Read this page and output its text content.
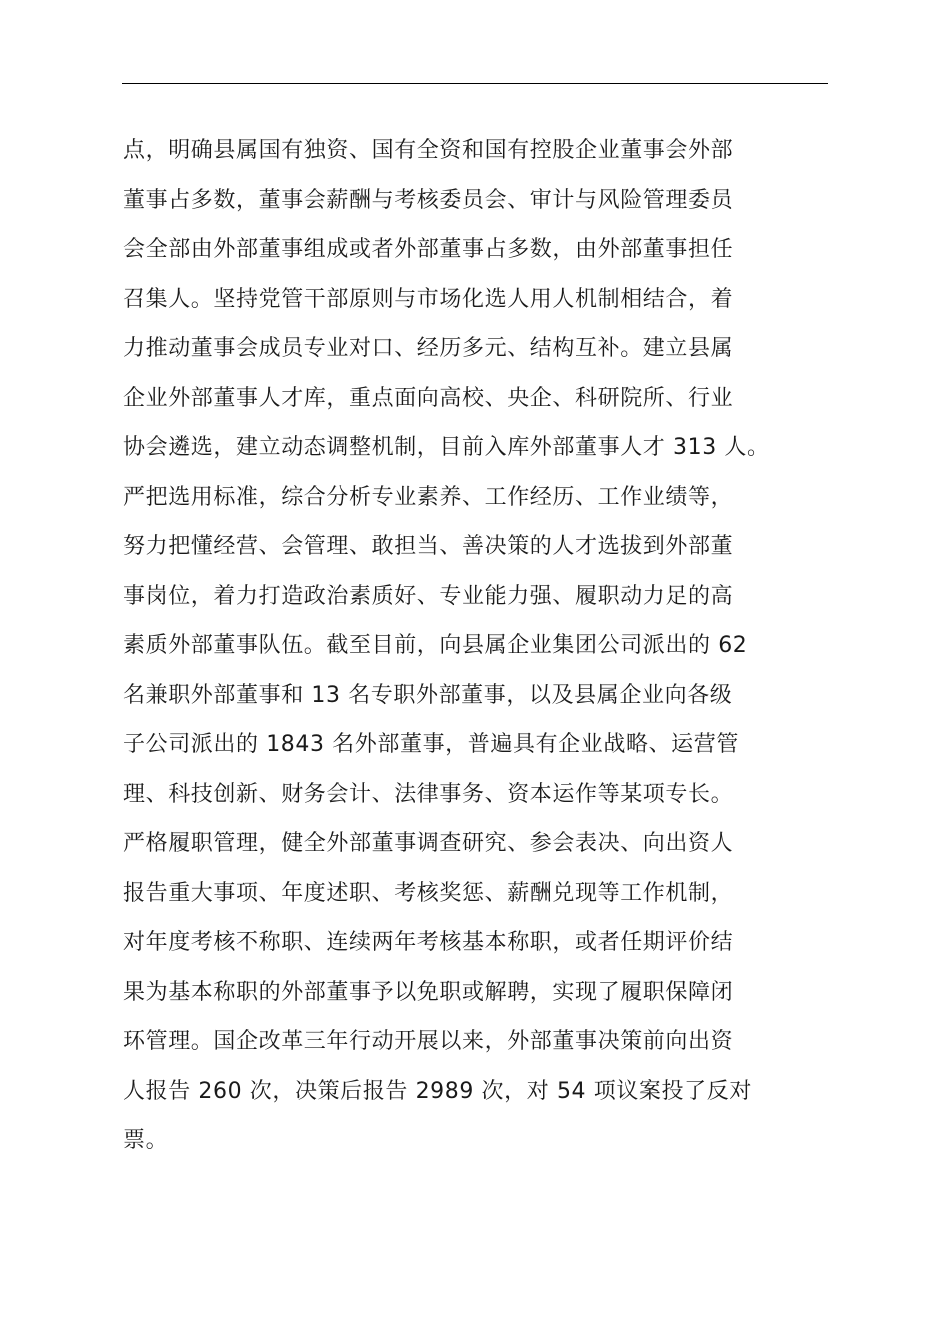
点，明确县属国有独资、国有全资和国有控股企业董事会外部
董事占多数，董事会薪酬与考核委员会、审计与风险管理委员
会全部由外部董事组成或者外部董事占多数，由外部董事担任
召集人。坚持党管干部原则与市场化选人用人机制相结合，着
力推动董事会成员专业对口、经历多元、结构互补。建立县属
企业外部董事人才库，重点面向高校、央企、科研院所、行业
协会遴选，建立动态调整机制，目前入库外部董事人才 313 人。
严把选用标准，综合分析专业素养、工作经历、工作业绩等，
努力把懂经营、会管理、敢担当、善决策的人才选拔到外部董
事岗位，着力打造政治素质好、专业能力强、履职动力足的高
素质外部董事队伍。截至目前，向县属企业集团公司派出的 62
名兼职外部董事和 13 名专职外部董事，以及县属企业向各级
子公司派出的 1843 名外部董事，普遍具有企业战略、运营管
理、科技创新、财务会计、法律事务、资本运作等某项专长。
严格履职管理，健全外部董事调查研究、参会表决、向出资人
报告重大事项、年度述职、考核奖惩、薪酬兑现等工作机制，
对年度考核不称职、连续两年考核基本称职，或者任期评价结
果为基本称职的外部董事予以免职或解聘，实现了履职保障闭
环管理。国企改革三年行动开展以来，外部董事决策前向出资
人报告 260 次，决策后报告 2989 次，对 54 项议案投了反对
票。
